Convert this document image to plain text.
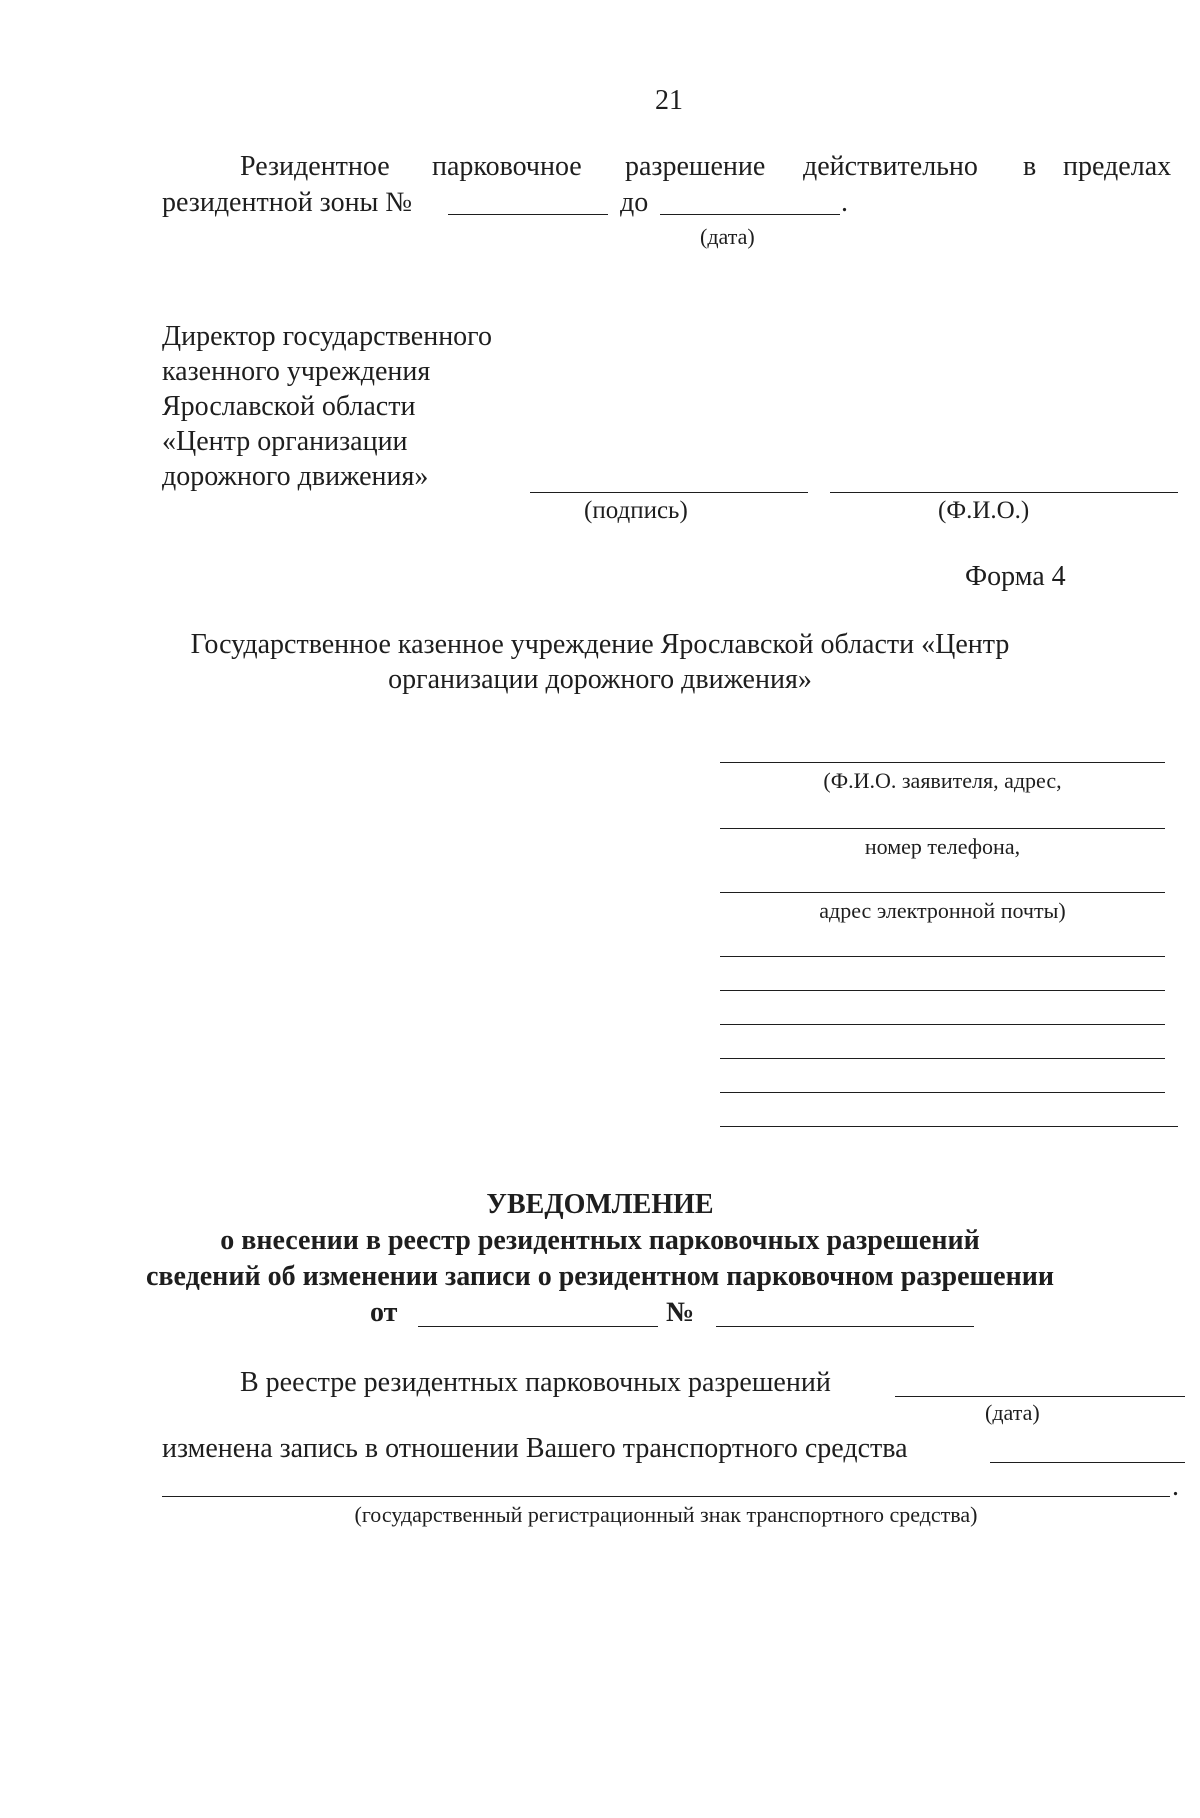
21
Резидентное парковочное разрешение действительно в пределах
резидентной зоны №	до	.
(дата)
Директор государственного
казенного учреждения
Ярославской области
«Центр организации
дорожного движения»
(подпись)	(Ф.И.О.)
Форма 4
Государственное казенное учреждение Ярославской области «Центр
организации дорожного движения»
(Ф.И.О. заявителя, адрес,
номер телефона,
адрес электронной почты)
УВЕДОМЛЕНИЕ
о внесении в реестр резидентных парковочных разрешений
сведений об изменении записи о резидентном парковочном разрешении
от	№
В реестре резидентных парковочных разрешений
(дата)
изменена запись в отношении Вашего транспортного средства
.
(государственный регистрационный знак транспортного средства)
